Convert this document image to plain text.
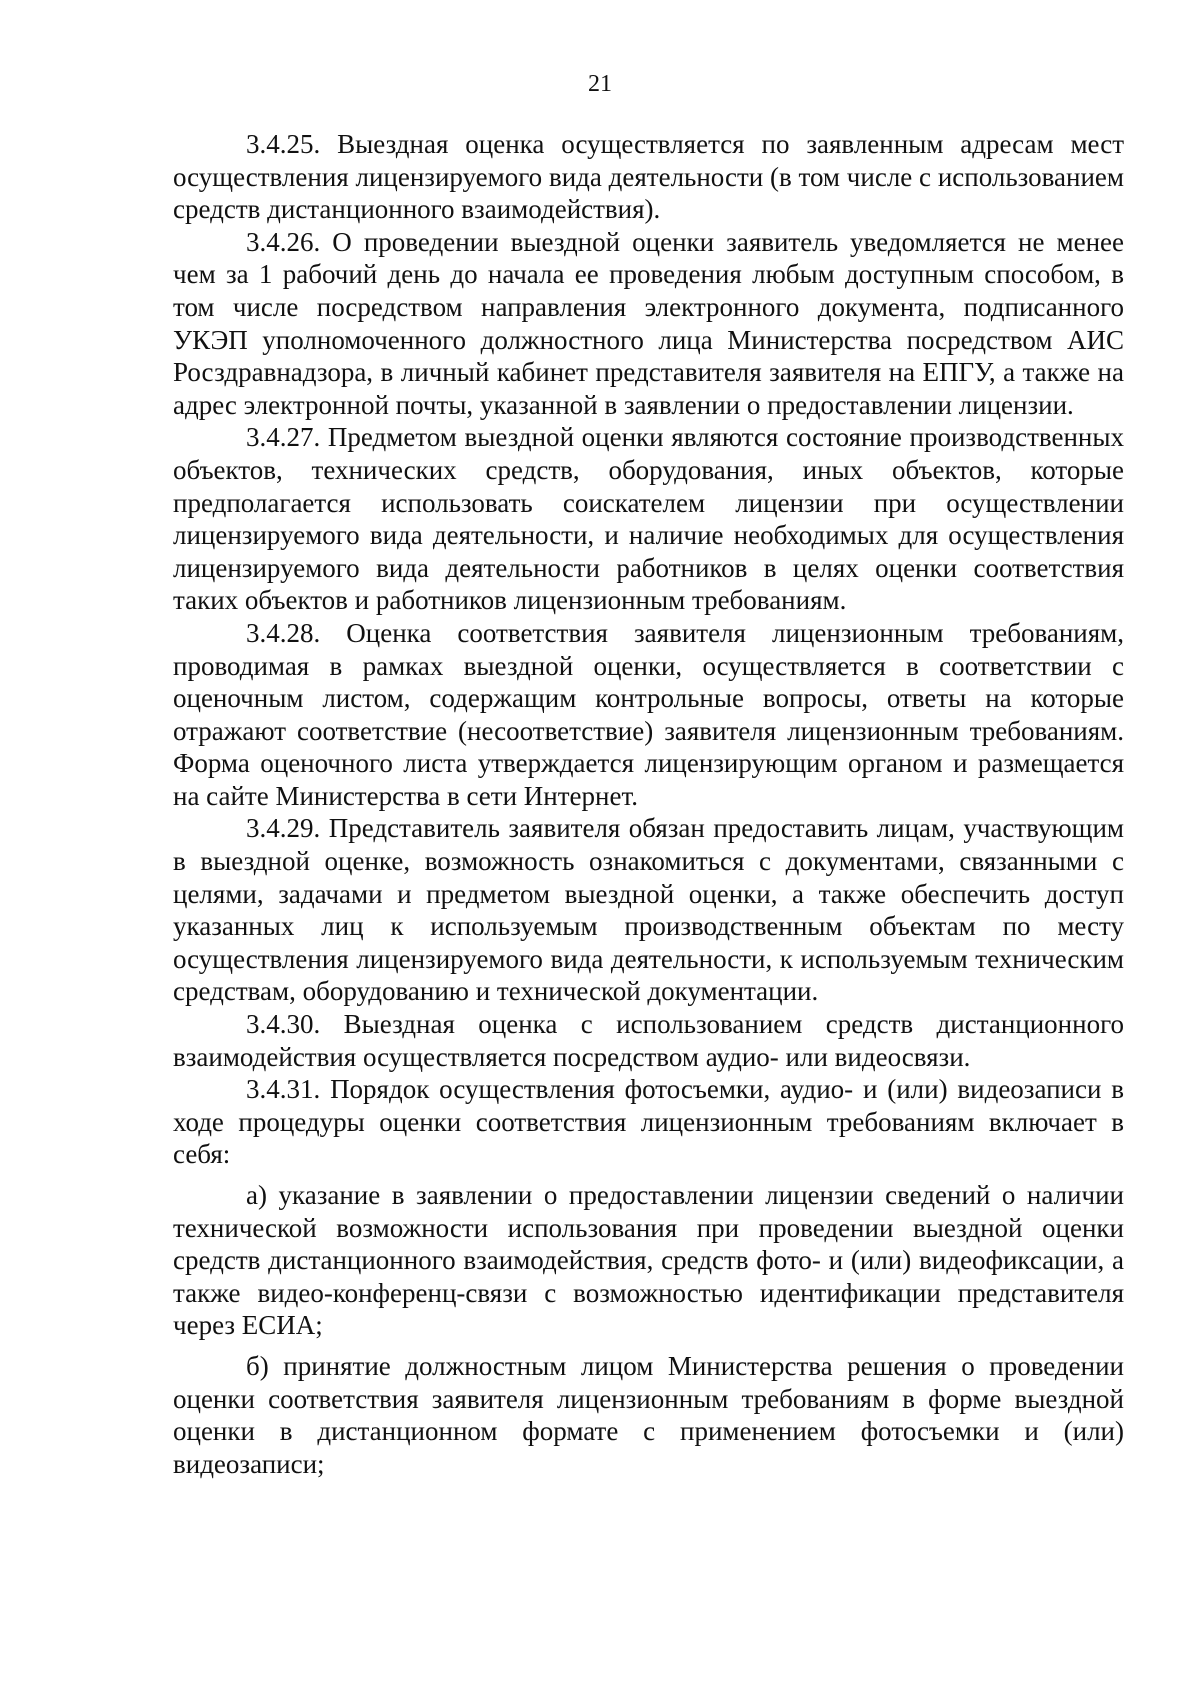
21

3.4.25. Выездная оценка осуществляется по заявленным адресам мест осуществления лицензируемого вида деятельности (в том числе с использованием средств дистанционного взаимодействия).

3.4.26. О проведении выездной оценки заявитель уведомляется не менее чем за 1 рабочий день до начала ее проведения любым доступным способом, в том числе посредством направления электронного документа, подписанного УКЭП уполномоченного должностного лица Министерства посредством АИС Росздравнадзора, в личный кабинет представителя заявителя на ЕПГУ, а также на адрес электронной почты, указанной в заявлении о предоставлении лицензии.

3.4.27. Предметом выездной оценки являются состояние производственных объектов, технических средств, оборудования, иных объектов, которые предполагается использовать соискателем лицензии при осуществлении лицензируемого вида деятельности, и наличие необходимых для осуществления лицензируемого вида деятельности работников в целях оценки соответствия таких объектов и работников лицензионным требованиям.

3.4.28. Оценка соответствия заявителя лицензионным требованиям, проводимая в рамках выездной оценки, осуществляется в соответствии с оценочным листом, содержащим контрольные вопросы, ответы на которые отражают соответствие (несоответствие) заявителя лицензионным требованиям. Форма оценочного листа утверждается лицензирующим органом и размещается на сайте Министерства в сети Интернет.

3.4.29. Представитель заявителя обязан предоставить лицам, участвующим в выездной оценке, возможность ознакомиться с документами, связанными с целями, задачами и предметом выездной оценки, а также обеспечить доступ указанных лиц к используемым производственным объектам по месту осуществления лицензируемого вида деятельности, к используемым техническим средствам, оборудованию и технической документации.

3.4.30. Выездная оценка с использованием средств дистанционного взаимодействия осуществляется посредством аудио- или видеосвязи.

3.4.31. Порядок осуществления фотосъемки, аудио- и (или) видеозаписи в ходе процедуры оценки соответствия лицензионным требованиям включает в себя:

а) указание в заявлении о предоставлении лицензии сведений о наличии технической возможности использования при проведении выездной оценки средств дистанционного взаимодействия, средств фото- и (или) видеофиксации, а также видео-конференц-связи с возможностью идентификации представителя через ЕСИА;

б) принятие должностным лицом Министерства решения о проведении оценки соответствия заявителя лицензионным требованиям в форме выездной оценки в дистанционном формате с применением фотосъемки и (или) видеозаписи;
